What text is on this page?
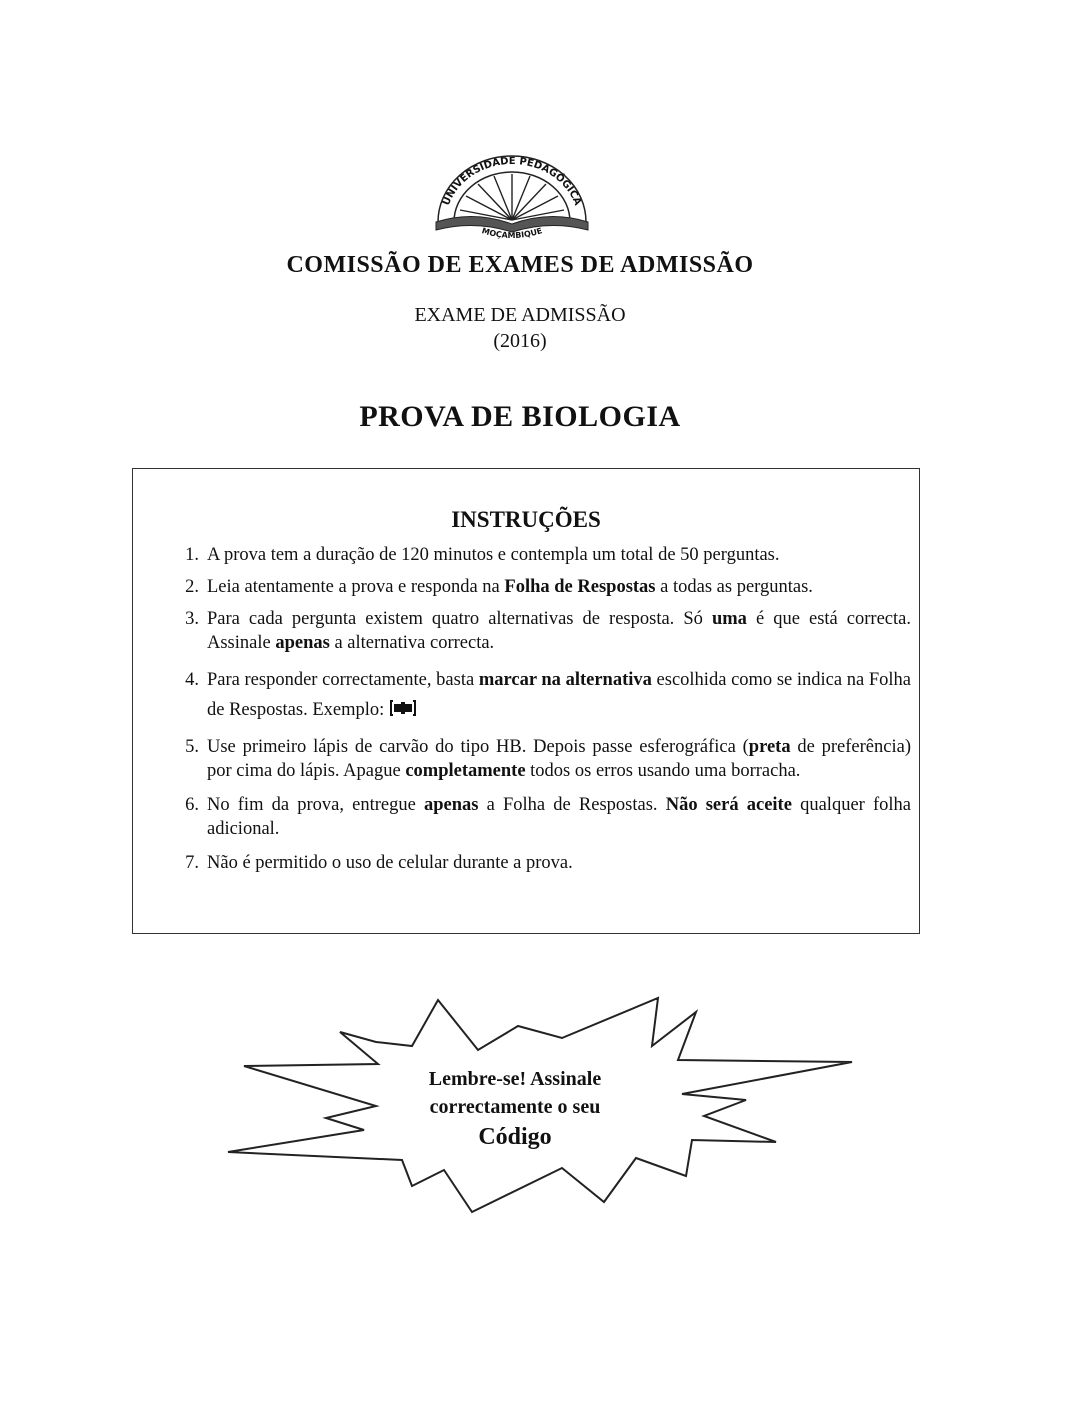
UNIVERSIDADE PEDAGÓGICA
MOÇAMBIQUE
COMISSÃO DE EXAMES DE ADMISSÃO
EXAME DE ADMISSÃO
(2016)
PROVA DE BIOLOGIA
INSTRUÇÕES
1. A prova tem a duração de 120 minutos e contempla um total de 50 perguntas.
2. Leia atentamente a prova e responda na Folha de Respostas a todas as perguntas.
3. Para cada pergunta existem quatro alternativas de resposta. Só uma é que está correcta. Assinale apenas a alternativa correcta.
4. Para responder correctamente, basta marcar na alternativa escolhida como se indica na Folha de Respostas. Exemplo:
5. Use primeiro lápis de carvão do tipo HB. Depois passe esferográfica (preta de preferência) por cima do lápis. Apague completamente todos os erros usando uma borracha.
6. No fim da prova, entregue apenas a Folha de Respostas. Não será aceite qualquer folha adicional.
7. Não é permitido o uso de celular durante a prova.
Lembre-se! Assinale
correctamente o seu
Código
